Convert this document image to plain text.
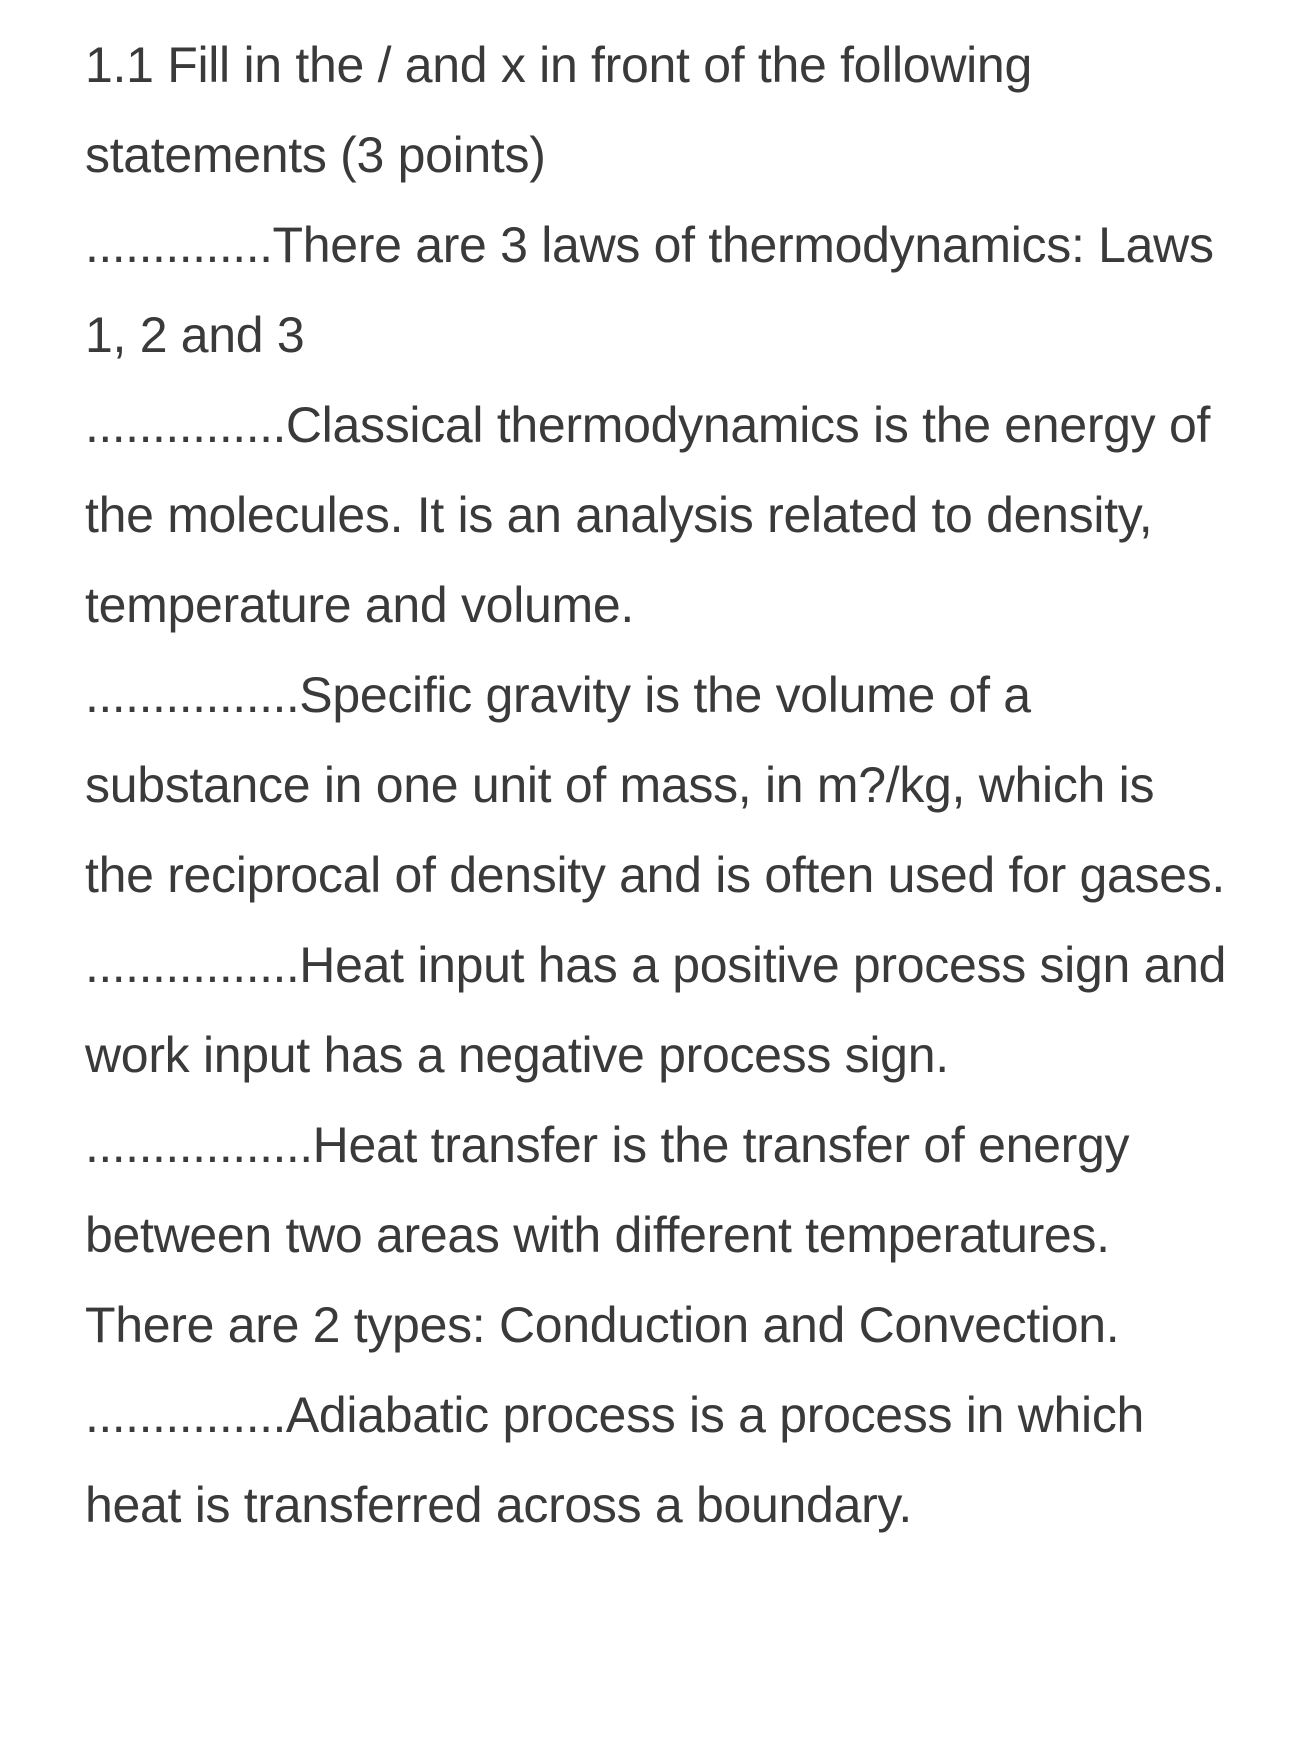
1.1 Fill in the / and x in front of the following statements (3 points)

..............There are 3 laws of thermodynamics: Laws 1, 2 and 3

...............Classical thermodynamics is the energy of the molecules. It is an analysis related to density, temperature and volume.

................Specific gravity is the volume of a substance in one unit of mass, in m?/kg, which is the reciprocal of density and is often used for gases.

................Heat input has a positive process sign and work input has a negative process sign.

.................Heat transfer is the transfer of energy between two areas with different temperatures. There are 2 types: Conduction and Convection.

...............Adiabatic process is a process in which heat is transferred across a boundary.
